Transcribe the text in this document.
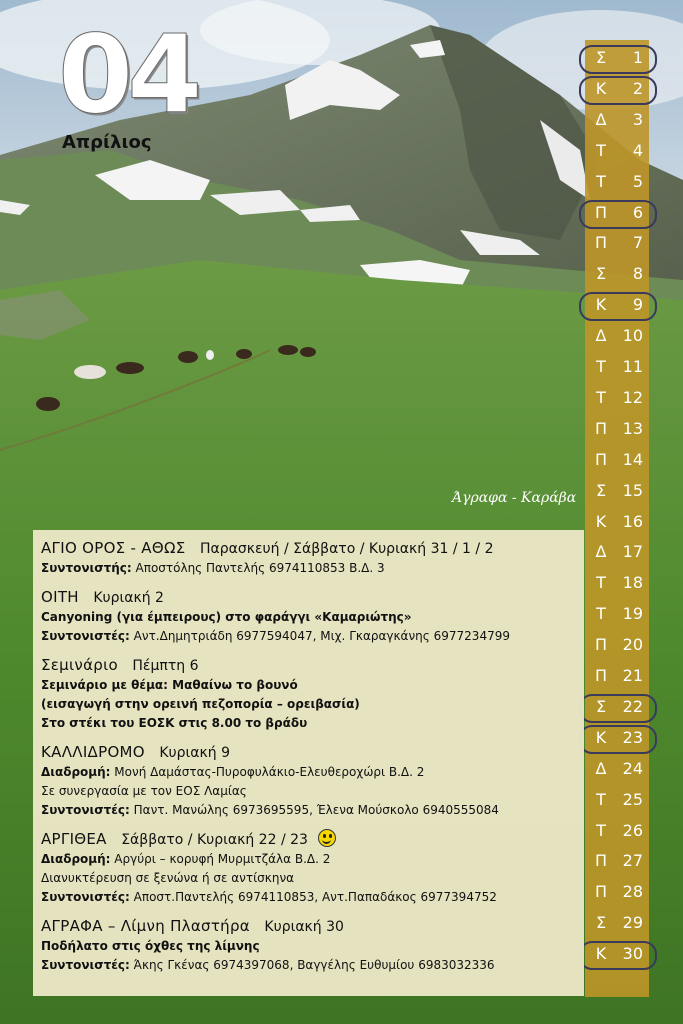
04
Απρίλιος
Σ	1
Κ	2
Δ	3
Τ	4
Τ	5
Π	6
Π	7
Σ	8
Κ	9
Δ	10
Τ	11
Τ	12
Π 13
Π 14
Σ	15
Κ	16
Δ	17
Τ	18
Τ	19
Π 20
Π 21
Σ	22
Κ	23
Δ	24
Τ	25
Τ	26
Π 27
Π 28
Σ	29
Κ	30
Άγραφα - Καράβα
ΑΓΙΟ ΟΡΟΣ - ΑΘΩΣ Παρασκευή / Σάββατο / Κυριακή 31 / 1 / 2
Συντονιστής: Αποστόλης Παντελής 6974110853 Β.Δ. 3
ΟΙΤΗ Κυριακή 2
Canyoning (για έμπειρους) στο φαράγγι «Καμαριώτης»
Συντονιστές: Αντ.Δημητριάδη 6977594047, Μιχ. Γκαραγκάνης 6977234799
Σεμινάριο Πέμπτη 6
Σεμινάριο με θέμα: Μαθαίνω το βουνό
(εισαγωγή στην ορεινή πεζοπορία – ορειβασία)
Στο στέκι του ΕΟΣΚ στις 8.00 το βράδυ
ΚΑΛΛΙΔΡΟΜΟ Κυριακή 9
Διαδρομή: Μονή Δαμάστας-Πυροφυλάκιο-Ελευθεροχώρι Β.Δ. 2
Σε συνεργασία με τον ΕΟΣ Λαμίας
Συντονιστές: Παντ. Μανώλης 6973695595, Έλενα Μούσκολο 6940555084
ΑΡΓΙΘΕΑ Σάββατο / Κυριακή 22 / 23
Διαδρομή: Αργύρι – κορυφή Μυρμιτζάλα Β.Δ. 2
Διανυκτέρευση σε ξενώνα ή σε αντίσκηνα
Συντονιστές: Αποστ.Παντελής 6974110853, Αντ.Παπαδάκος 6977394752
ΑΓΡΑΦΑ – Λίμνη Πλαστήρα Κυριακή 30
Ποδήλατο στις όχθες της λίμνης
Συντονιστές: Άκης Γκένας 6974397068, Βαγγέλης Ευθυμίου 6983032336
